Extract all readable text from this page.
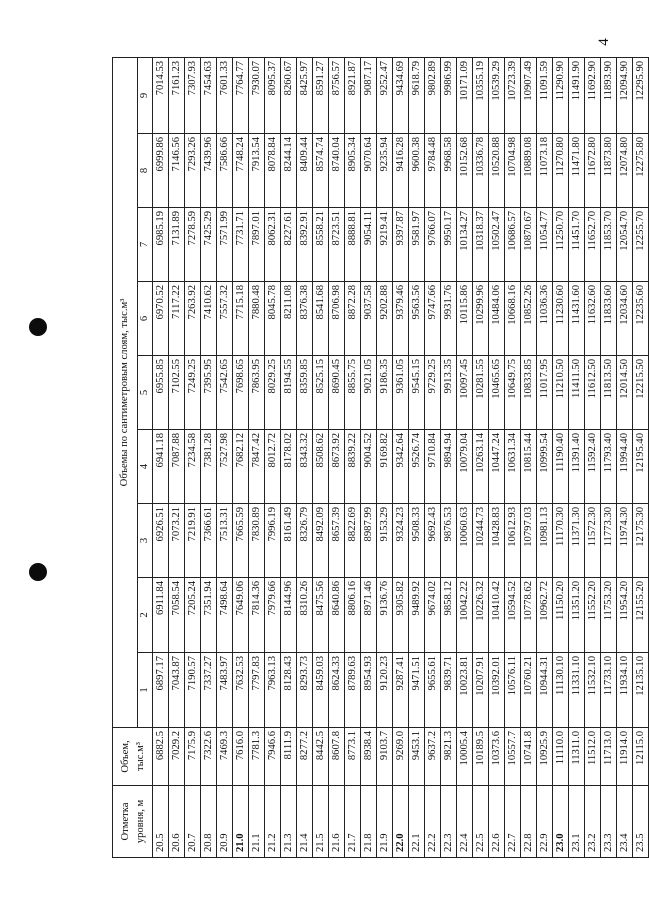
4
Отметка уровня, м	Объем, тыс.м³	Объемы по сантиметровым слоям, тыс.м³								
		1	2	3	4	5	6	7	8	9
20.5	6882.5	6897.17	6911.84	6926.51	6941.18	6955.85	6970.52	6985.19	6999.86	7014.53
20.6	7029.2	7043.87	7058.54	7073.21	7087.88	7102.55	7117.22	7131.89	7146.56	7161.23
20.7	7175.9	7190.57	7205.24	7219.91	7234.58	7249.25	7263.92	7278.59	7293.26	7307.93
20.8	7322.6	7337.27	7351.94	7366.61	7381.28	7395.95	7410.62	7425.29	7439.96	7454.63
20.9	7469.3	7483.97	7498.64	7513.31	7527.98	7542.65	7557.32	7571.99	7586.66	7601.33
21.0	7616.0	7632.53	7649.06	7665.59	7682.12	7698.65	7715.18	7731.71	7748.24	7764.77
21.1	7781.3	7797.83	7814.36	7830.89	7847.42	7863.95	7880.48	7897.01	7913.54	7930.07
21.2	7946.6	7963.13	7979.66	7996.19	8012.72	8029.25	8045.78	8062.31	8078.84	8095.37
21.3	8111.9	8128.43	8144.96	8161.49	8178.02	8194.55	8211.08	8227.61	8244.14	8260.67
21.4	8277.2	8293.73	8310.26	8326.79	8343.32	8359.85	8376.38	8392.91	8409.44	8425.97
21.5	8442.5	8459.03	8475.56	8492.09	8508.62	8525.15	8541.68	8558.21	8574.74	8591.27
21.6	8607.8	8624.33	8640.86	8657.39	8673.92	8690.45	8706.98	8723.51	8740.04	8756.57
21.7	8773.1	8789.63	8806.16	8822.69	8839.22	8855.75	8872.28	8888.81	8905.34	8921.87
21.8	8938.4	8954.93	8971.46	8987.99	9004.52	9021.05	9037.58	9054.11	9070.64	9087.17
21.9	9103.7	9120.23	9136.76	9153.29	9169.82	9186.35	9202.88	9219.41	9235.94	9252.47
22.0	9269.0	9287.41	9305.82	9324.23	9342.64	9361.05	9379.46	9397.87	9416.28	9434.69
22.1	9453.1	9471.51	9489.92	9508.33	9526.74	9545.15	9563.56	9581.97	9600.38	9618.79
22.2	9637.2	9655.61	9674.02	9692.43	9710.84	9729.25	9747.66	9766.07	9784.48	9802.89
22.3	9821.3	9839.71	9858.12	9876.53	9894.94	9913.35	9931.76	9950.17	9968.58	9986.99
22.4	10005.4	10023.81	10042.22	10060.63	10079.04	10097.45	10115.86	10134.27	10152.68	10171.09
22.5	10189.5	10207.91	10226.32	10244.73	10263.14	10281.55	10299.96	10318.37	10336.78	10355.19
22.6	10373.6	10392.01	10410.42	10428.83	10447.24	10465.65	10484.06	10502.47	10520.88	10539.29
22.7	10557.7	10576.11	10594.52	10612.93	10631.34	10649.75	10668.16	10686.57	10704.98	10723.39
22.8	10741.8	10760.21	10778.62	10797.03	10815.44	10833.85	10852.26	10870.67	10889.08	10907.49
22.9	10925.9	10944.31	10962.72	10981.13	10999.54	11017.95	11036.36	11054.77	11073.18	11091.59
23.0	11110.0	11130.10	11150.20	11170.30	11190.40	11210.50	11230.60	11250.70	11270.80	11290.90
23.1	11311.0	11331.10	11351.20	11371.30	11391.40	11411.50	11431.60	11451.70	11471.80	11491.90
23.2	11512.0	11532.10	11552.20	11572.30	11592.40	11612.50	11632.60	11652.70	11672.80	11692.90
23.3	11713.0	11733.10	11753.20	11773.30	11793.40	11813.50	11833.60	11853.70	11873.80	11893.90
23.4	11914.0	11934.10	11954.20	11974.30	11994.40	12014.50	12034.60	12054.70	12074.80	12094.90
23.5	12115.0	12135.10	12155.20	12175.30	12195.40	12215.50	12235.60	12255.70	12275.80	12295.90
